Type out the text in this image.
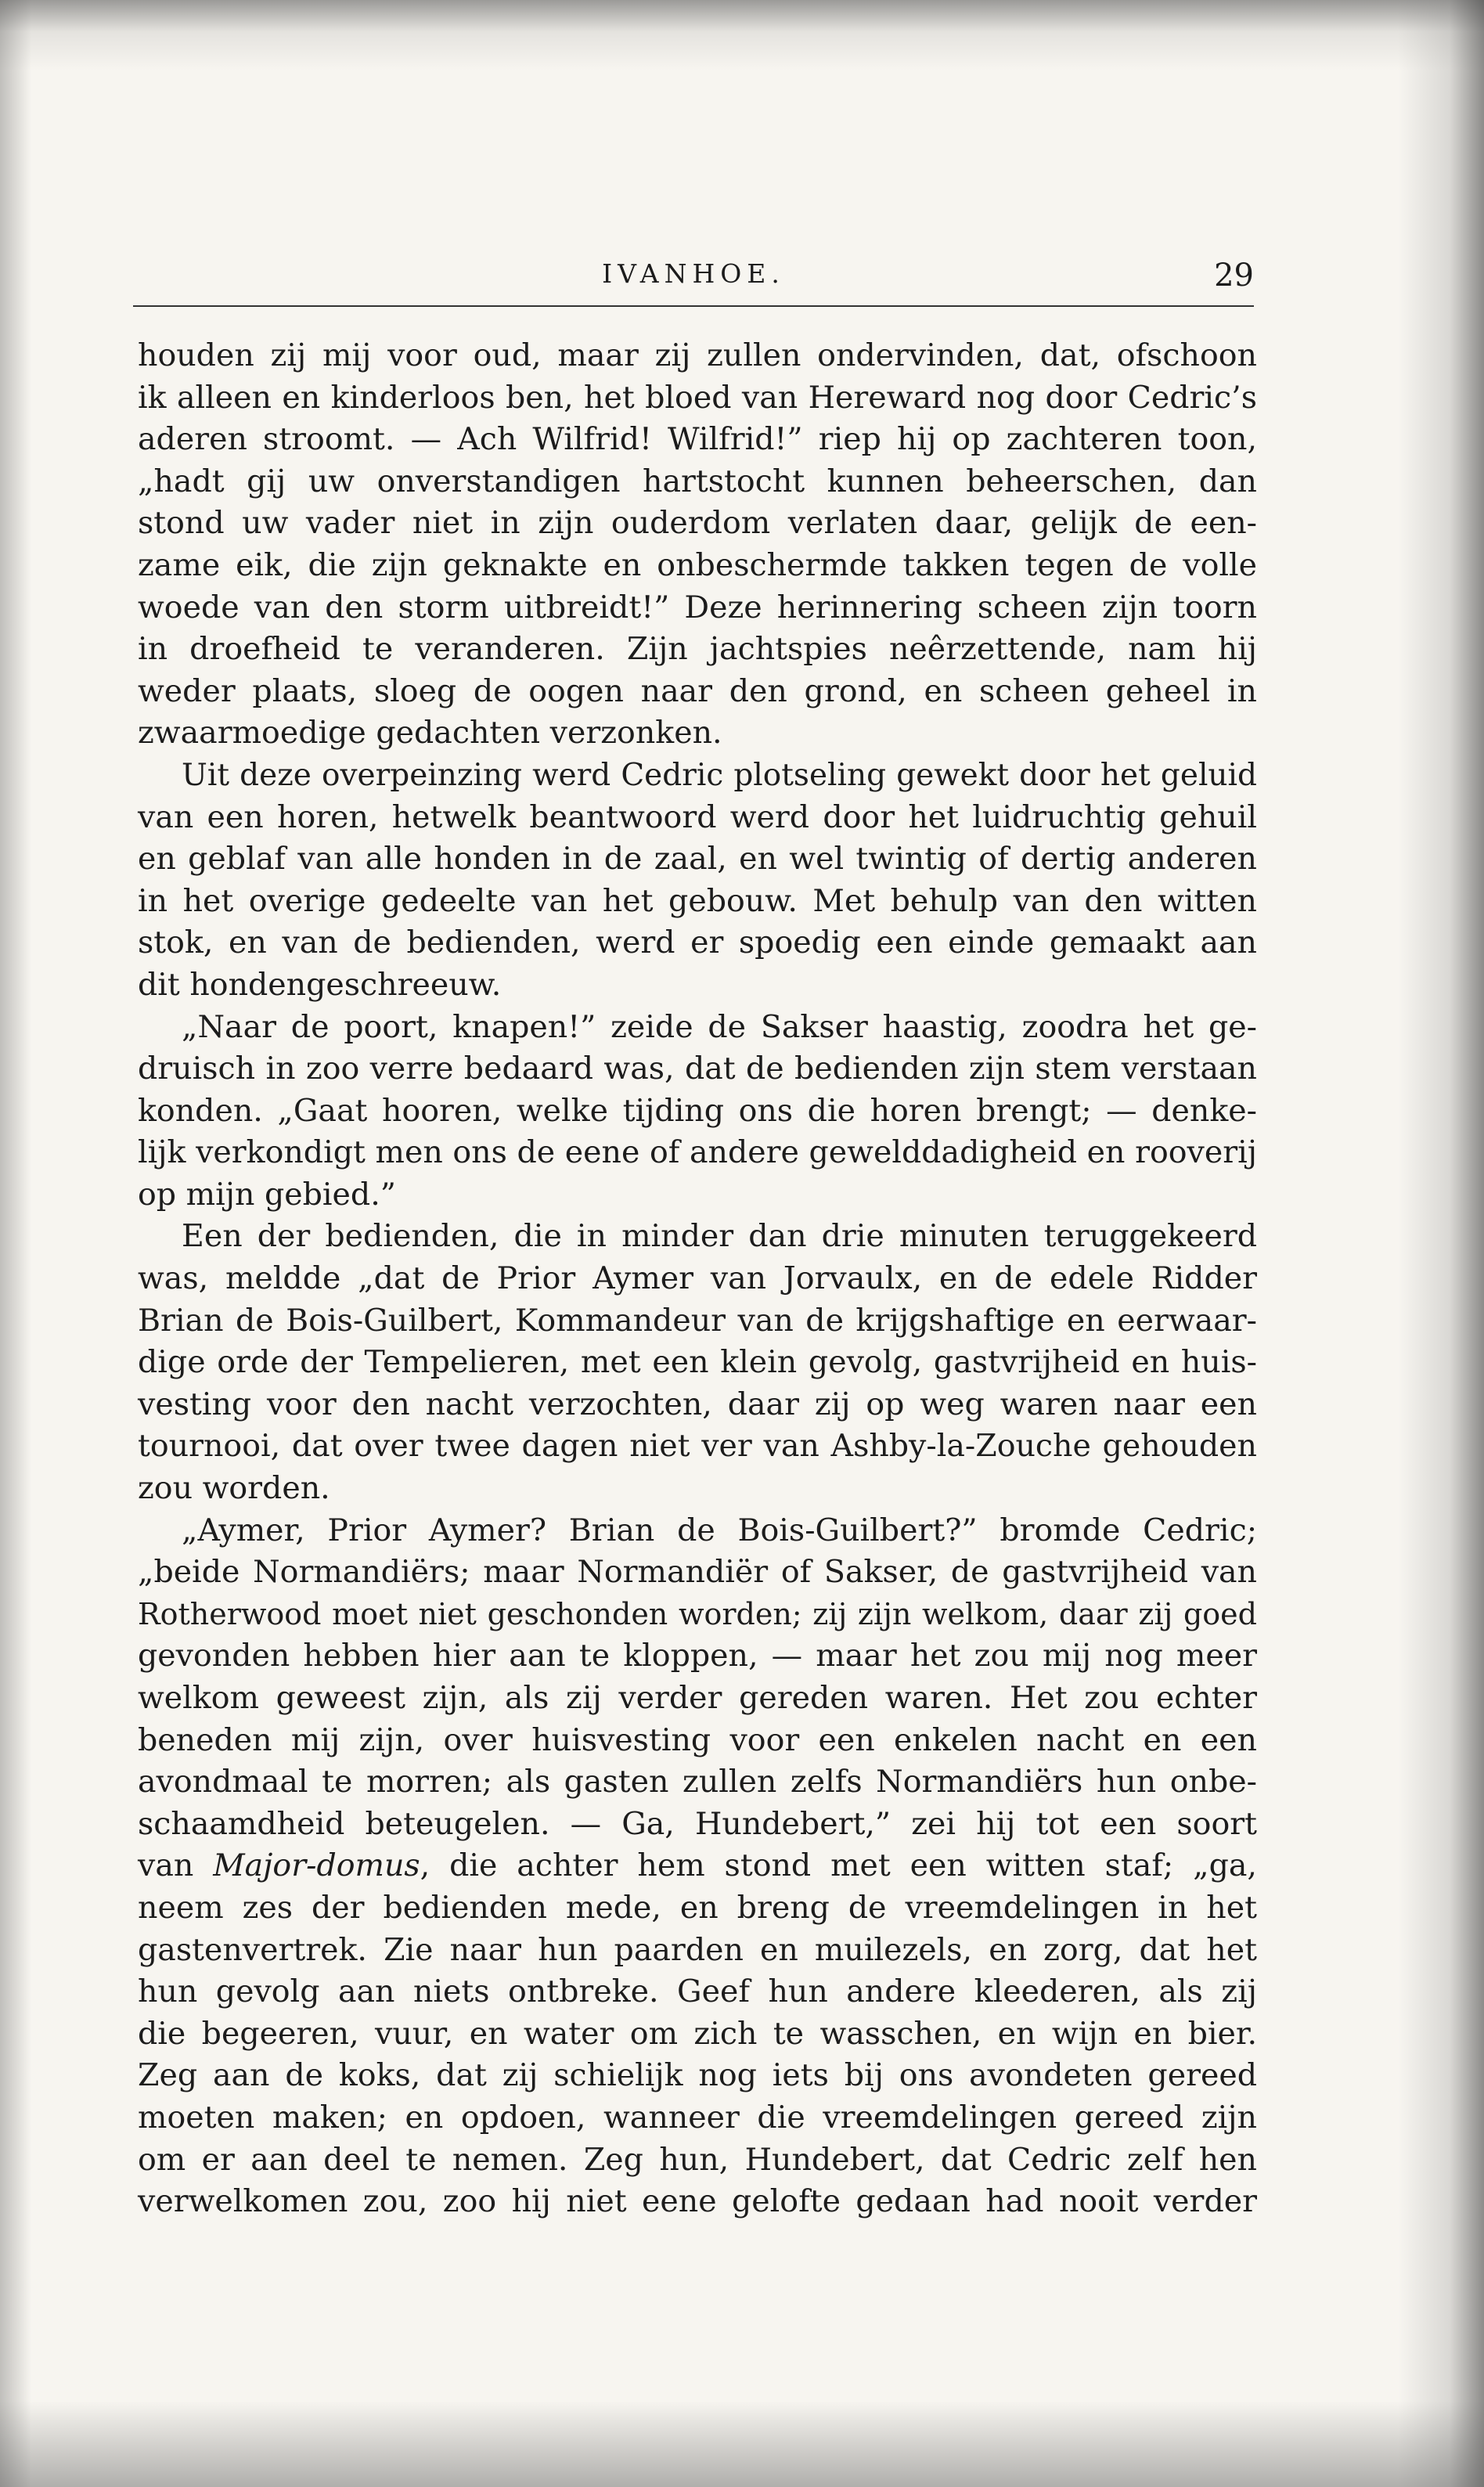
IVANHOE.	29
houden zij mij voor oud, maar zij zullen ondervinden, dat, ofschoon
ik alleen en kinderloos ben, het bloed van Hereward nog door Cedric’s
aderen stroomt. — Ach Wilfrid! Wilfrid!” riep hij op zachteren toon,
„hadt gij uw onverstandigen hartstocht kunnen beheerschen, dan
stond uw vader niet in zijn ouderdom verlaten daar, gelijk de een-
zame eik, die zijn geknakte en onbeschermde takken tegen de volle
woede van den storm uitbreidt!” Deze herinnering scheen zijn toorn
in droefheid te veranderen. Zijn jachtspies neêrzettende, nam hij
weder plaats, sloeg de oogen naar den grond, en scheen geheel in
zwaarmoedige gedachten verzonken.
Uit deze overpeinzing werd Cedric plotseling gewekt door het geluid
van een horen, hetwelk beantwoord werd door het luidruchtig gehuil
en geblaf van alle honden in de zaal, en wel twintig of dertig anderen
in het overige gedeelte van het gebouw. Met behulp van den witten
stok, en van de bedienden, werd er spoedig een einde gemaakt aan
dit hondengeschreeuw.
„Naar de poort, knapen!” zeide de Sakser haastig, zoodra het ge-
druisch in zoo verre bedaard was, dat de bedienden zijn stem verstaan
konden. „Gaat hooren, welke tijding ons die horen brengt; — denke-
lijk verkondigt men ons de eene of andere gewelddadigheid en rooverij
op mijn gebied.”
Een der bedienden, die in minder dan drie minuten teruggekeerd
was, meldde „dat de Prior Aymer van Jorvaulx, en de edele Ridder
Brian de Bois-Guilbert, Kommandeur van de krijgshaftige en eerwaar-
dige orde der Tempelieren, met een klein gevolg, gastvrijheid en huis-
vesting voor den nacht verzochten, daar zij op weg waren naar een
tournooi, dat over twee dagen niet ver van Ashby-la-Zouche gehouden
zou worden.
„Aymer, Prior Aymer? Brian de Bois-Guilbert?” bromde Cedric;
„beide Normandiërs; maar Normandiër of Sakser, de gastvrijheid van
Rotherwood moet niet geschonden worden; zij zijn welkom, daar zij goed
gevonden hebben hier aan te kloppen, — maar het zou mij nog meer
welkom geweest zijn, als zij verder gereden waren. Het zou echter
beneden mij zijn, over huisvesting voor een enkelen nacht en een
avondmaal te morren; als gasten zullen zelfs Normandiërs hun onbe-
schaamdheid beteugelen. — Ga, Hundebert,” zei hij tot een soort
van Major-domus, die achter hem stond met een witten staf; „ga,
neem zes der bedienden mede, en breng de vreemdelingen in het
gastenvertrek. Zie naar hun paarden en muilezels, en zorg, dat het
hun gevolg aan niets ontbreke. Geef hun andere kleederen, als zij
die begeeren, vuur, en water om zich te wasschen, en wijn en bier.
Zeg aan de koks, dat zij schielijk nog iets bij ons avondeten gereed
moeten maken; en opdoen, wanneer die vreemdelingen gereed zijn
om er aan deel te nemen. Zeg hun, Hundebert, dat Cedric zelf hen
verwelkomen zou, zoo hij niet eene gelofte gedaan had nooit verder
